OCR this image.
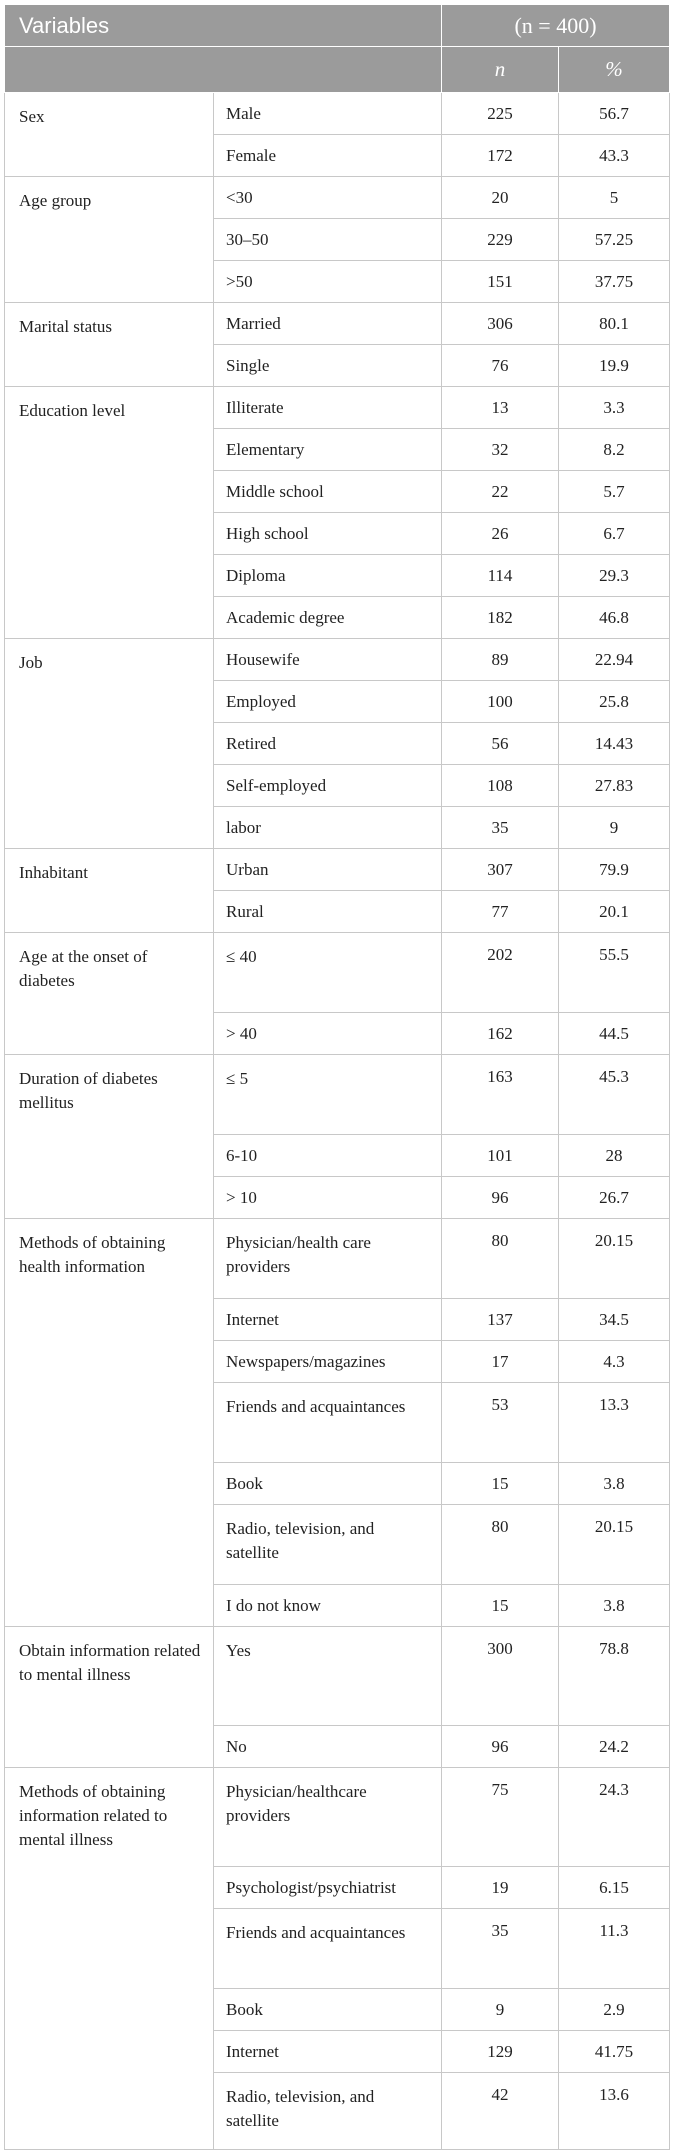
Variables		(n = 400)	
		n	%
Sex	Male	225	56.7
	Female	172	43.3
Age group	<30	20	5
	30–50	229	57.25
	>50	151	37.75
Marital status	Married	306	80.1
	Single	76	19.9
Education level	Illiterate	13	3.3
	Elementary	32	8.2
	Middle school	22	5.7
	High school	26	6.7
	Diploma	114	29.3
	Academic degree	182	46.8
Job	Housewife	89	22.94
	Employed	100	25.8
	Retired	56	14.43
	Self-employed	108	27.83
	labor	35	9
Inhabitant	Urban	307	79.9
	Rural	77	20.1
Age at the onset of diabetes	≤ 40	202	55.5
	> 40	162	44.5
Duration of diabetes mellitus	≤ 5	163	45.3
	6-10	101	28
	> 10	96	26.7
Methods of obtaining health information	Physician/health care providers	80	20.15
	Internet	137	34.5
	Newspapers/magazines	17	4.3
	Friends and acquaintances	53	13.3
	Book	15	3.8
	Radio, television, and satellite	80	20.15
	I do not know	15	3.8
Obtain information related to mental illness	Yes	300	78.8
	No	96	24.2
Methods of obtaining information related to mental illness	Physician/healthcare providers	75	24.3
	Psychologist/psychiatrist	19	6.15
	Friends and acquaintances	35	11.3
	Book	9	2.9
	Internet	129	41.75
	Radio, television, and satellite	42	13.6
